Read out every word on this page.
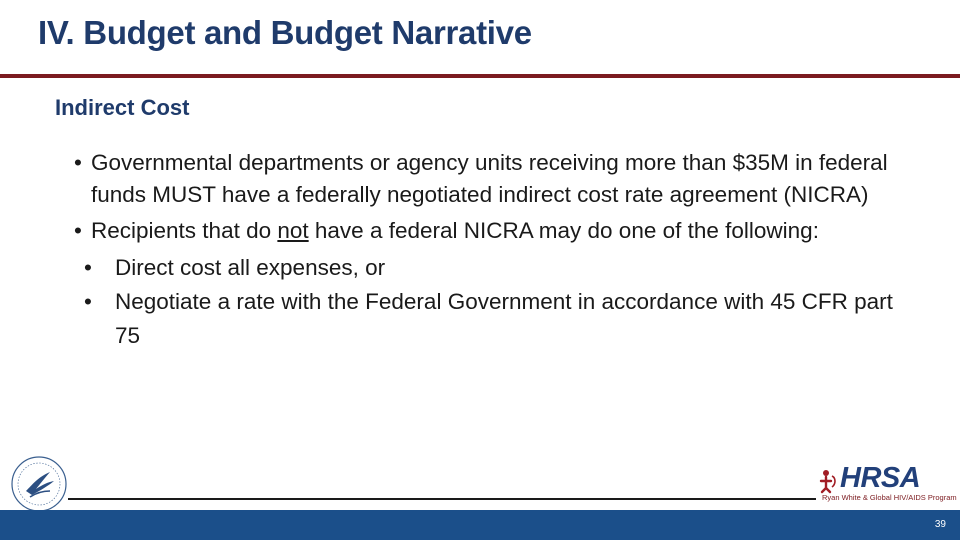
IV. Budget and Budget Narrative
Indirect Cost
• Governmental departments or agency units receiving more than $35M in federal funds MUST have a federally negotiated indirect cost rate agreement (NICRA)
• Recipients that do not have a federal NICRA may do one of the following:
• Direct cost all expenses, or
• Negotiate a rate with the Federal Government in accordance with 45 CFR part 75
HRSA
Ryan White & Global HIV/AIDS Program
39
